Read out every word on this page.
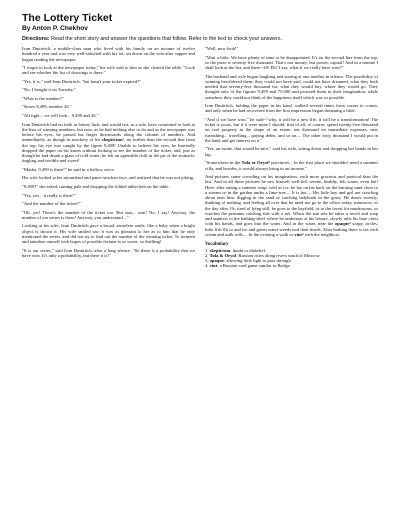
The Lottery Ticket
By Anton P. Chekhov
Directions: Read the short story and answer the questions that follow. Refer to the text to check your answers.

Ivan Dmitritch, a middle-class man who lived with his family on an income of twelve hundred a year and was very well-satisfied with his lot, sat down on the sofa after supper and began reading the newspaper.

"I forgot to look at the newspaper today," his wife said to him as she cleared the table. "Look and see whether the list of drawings is there."

"Yes, it is," said Ivan Dmitritch, "but hasn't your ticket expired?"

"No, I bought it on Tuesday."

"What is the number?"

"Series 9,499, number 26."

"All right... we will look... 9,499 and 26."

Ivan Dmitritch had no faith in lottery luck, and would not, as a rule, have consented to look at the lists of winning numbers, but now, as he had nothing else to do and as the newspaper was before his eyes, he passed his finger downwards along the column of numbers. And immediately, as though in mockery of his skepticism¹, no further than the second line from the top, his eye was caught by the figure 9,499! Unable to believe his eyes, he hurriedly dropped the paper on his knees without looking to see the number of the ticket, and, just as though he had drunk a glass of cold water, he felt an agreeable chill in the pit of the stomach; tingling and terrible and sweet!

"Masha, 9,499 is there!" he said in a hollow voice.

His wife looked at his astonished and panic-stricken face, and realized that he was not joking.

"9,499?" she asked, turning pale and dropping the folded tablecloth on the table.

"Yes, yes... it really is there!"

"And the number of the ticket?"

"Oh, yes! There's the number of the ticket too. But stay... wait! No, I say! Anyway, the number of our series is there! Anyway, you understand...."

Looking at his wife, Ivan Dmitritch gave a broad, senseless smile, like a baby when a bright object is shown it. His wife smiled too; it was as pleasant to her as to him that he only mentioned the series, and did not try to find out the number of the winning ticket. To torment and tantalize oneself with hopes of possible fortune is so sweet, so thrilling!

"It is our series," said Ivan Dmitritch, after a long silence. "So there is a probability that we have won. It's only a probability, but there it is!"

"Well, now look!"

"Wait a little. We have plenty of time to be disappointed. It's on the second line from the top, so the prize is seventy-five thousand. That's not money, but power, capital! And in a minute I shall look at the list, and there--26! Eh? I say, what if we really have won?"

The husband and wife began laughing and staring at one another in silence. The possibility of winning bewildered them; they could not have said, could not have dreamed, what they both needed that seventy-five thousand for, what they would buy, where they would go. They thought only of the figures 9,499 and 75,000 and pictured them in their imagination, while somehow they could not think of the happiness itself which was so possible.

Ivan Dmitritch, holding the paper in his hand, walked several times from corner to corner, and only when he had recovered from the first impression began dreaming a little.

"And if we have won," he said--"why, it will be a new life, it will be a transformation! The ticket is yours, but if it were mine I should, first of all, of course, spend twenty-five thousand on real property in the shape of an estate; ten thousand on immediate expenses, new furnishing... travelling... paying debts, and so on.... The other forty thousand I would put in the bank and get interest on it."

"Yes, an estate, that would be nice," said his wife, sitting down and dropping her hands in her lap.

"Somewhere in the Tula or Oryol² provinces... In the first place we shouldn't need a summer villa, and besides, it would always bring in an income."

And pictures came crowding on his imagination, each more gracious and poetical than the last. And in all these pictures he saw himself well-fed, serene, healthy, felt warm, even hot! Here, after eating a summer soup, cold as ice, he lay on his back on the burning sand close to a stream or in the garden under a lime-tree.... It is hot.... His little boy and girl are crawling about near him, digging in the sand or catching ladybirds in the grass. He dozes sweetly, thinking of nothing, and feeling all over that he need not go to the office today, tomorrow, or the day after. Or, tired of lying still, he goes to the hayfield, or to the forest for mushrooms, or watches the peasants catching fish with a net. When the sun sets he takes a towel and soap and saunters to the bathing-shed, where he undresses at his leisure, slowly rubs his bare chest with his hands, and goes into the water. And in the water, near the opaque³ soapy circles, little fish flit to and fro and green water-weeds nod their heads. After bathing there is tea with cream and milk rolls.... In the evening a walk or vint⁴ with the neighbors.

Vocabulary
1. skepticism: doubt or disbelief
2. Tula & Oryol: Russian cities along rivers south of Moscow
3. opaque: allowing little light to pass through
4. vint: a Russian card game similar to Bridge
